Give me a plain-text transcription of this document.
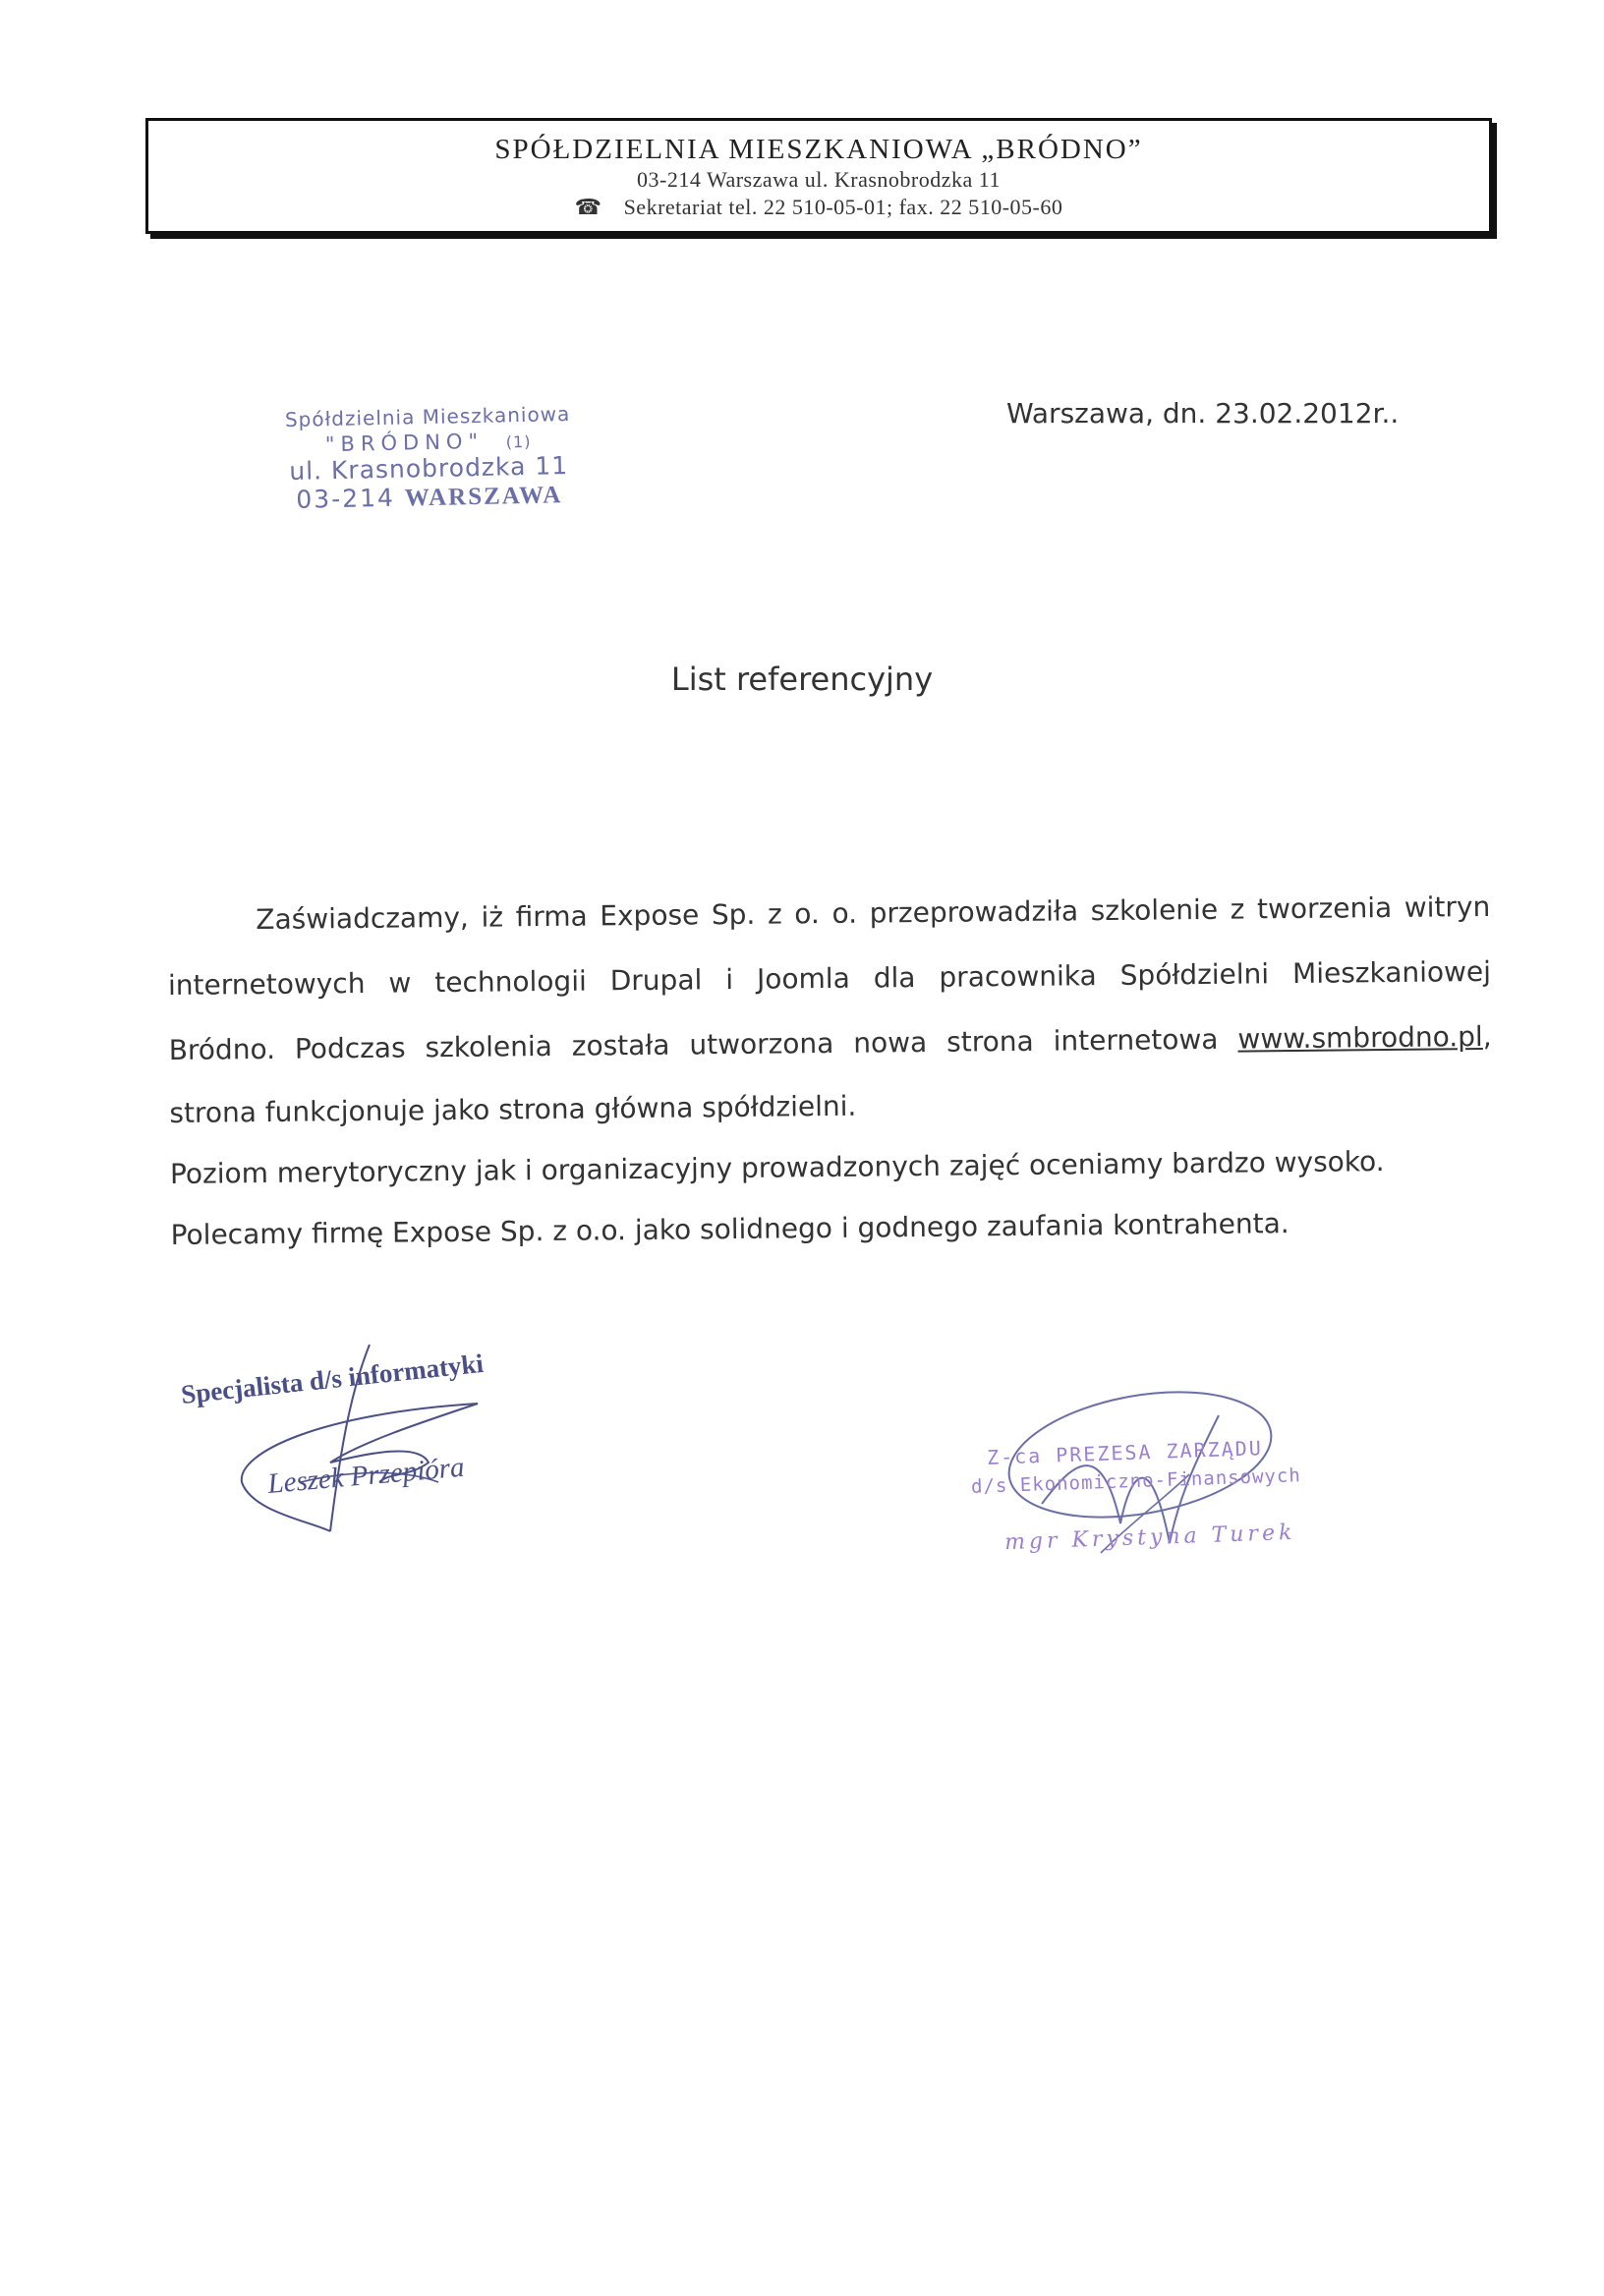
SPÓŁDZIELNIA MIESZKANIOWA „BRÓDNO”
03-214 Warszawa ul. Krasnobrodzka 11
☎ Sekretariat tel. 22 510-05-01; fax. 22 510-05-60
Spółdzielnia Mieszkaniowa
"BRÓDNO" (1)
ul. Krasnobrodzka 11
03-214 WARSZAWA
Warszawa, dn. 23.02.2012r..
List referencyjny

Zaświadczamy, iż firma Expose Sp. z o. o. przeprowadziła szkolenie z tworzenia witryn

internetowych w technologii Drupal i Joomla dla pracownika Spółdzielni Mieszkaniowej

Bródno. Podczas szkolenia została utworzona nowa strona internetowa www.smbrodno.pl,

strona funkcjonuje jako strona główna spółdzielni.

Poziom merytoryczny jak i organizacyjny prowadzonych zajęć oceniamy bardzo wysoko.

Polecamy firmę Expose Sp. z o.o. jako solidnego i godnego zaufania kontrahenta.

Specjalista d/s informatyki
Leszek Przepióra	Z-ca PREZESA ZARZĄDU
d/s Ekonomiczno-Finansowych
mgr Krystyna Turek
